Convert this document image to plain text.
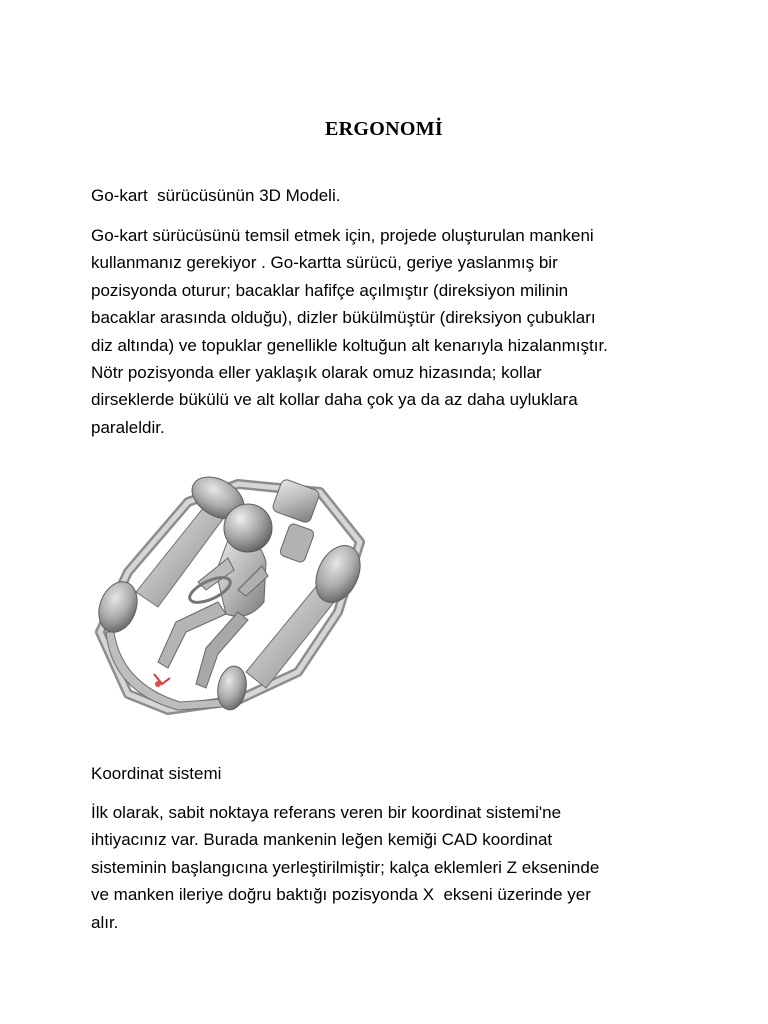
ERGONOMİ

Go-kart  sürücüsünün 3D Modeli.

Go-kart sürücüsünü temsil etmek için, projede oluşturulan mankeni
kullanmanız gerekiyor . Go-kartta sürücü, geriye yaslanmış bir
pozisyonda oturur; bacaklar hafifçe açılmıştır (direksiyon milinin
bacaklar arasında olduğu), dizler bükülmüştür (direksiyon çubukları
diz altında) ve topuklar genellikle koltuğun alt kenarıyla hizalanmıştır.
Nötr pozisyonda eller yaklaşık olarak omuz hizasında; kollar
dirseklerde bükülü ve alt kollar daha çok ya da az daha uyluklara
paraleldir.

Koordinat sistemi

İlk olarak, sabit noktaya referans veren bir koordinat sistemi'ne
ihtiyacınız var. Burada mankenin leğen kemiği CAD koordinat
sisteminin başlangıcına yerleştirilmiştir; kalça eklemleri Z ekseninde
ve manken ileriye doğru baktığı pozisyonda X  ekseni üzerinde yer
alır.
